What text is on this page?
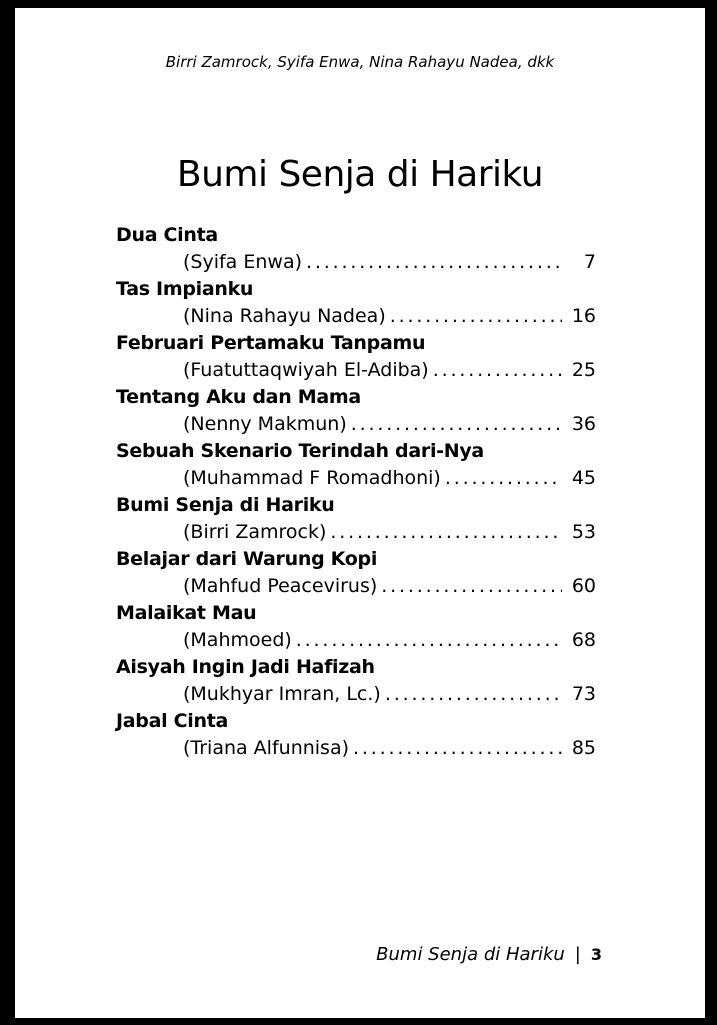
Birri Zamrock, Syifa Enwa, Nina Rahayu Nadea, dkk
Bumi Senja di Hariku
Dua Cinta
(Syifa Enwa) . . .	7
Tas Impianku
(Nina Rahayu Nadea) . . .	16
Februari Pertamaku Tanpamu
(Fuatuttaqwiyah El-Adiba) . . .	25
Tentang Aku dan Mama
(Nenny Makmun) . . .	36
Sebuah Skenario Terindah dari-Nya
(Muhammad F Romadhoni) . . .	45
Bumi Senja di Hariku
(Birri Zamrock) . . .	53
Belajar dari Warung Kopi
(Mahfud Peacevirus) . . .	60
Malaikat Mau
(Mahmoed) . . .	68
Aisyah Ingin Jadi Hafizah
(Mukhyar Imran, Lc.) . . .	73
Jabal Cinta
(Triana Alfunnisa) . . .	85
Bumi Senja di Hariku | 3
